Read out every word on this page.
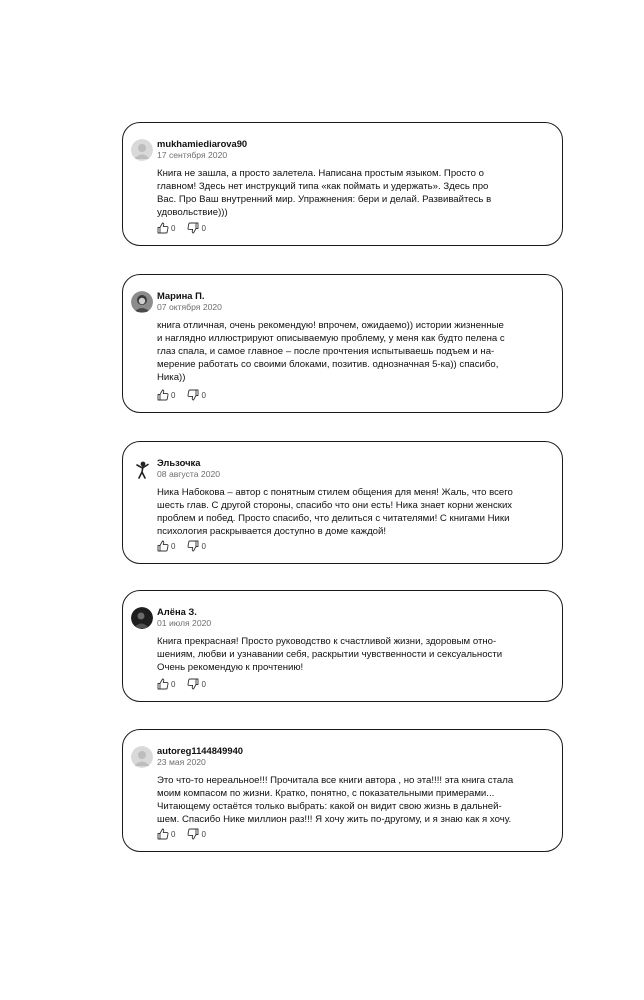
mukhamiediarova90
17 сентября 2020
Книга не зашла, а просто залетела. Написана простым языком. Просто о
главном! Здесь нет инструкций типа «как поймать и удержать». Здесь про
Вас. Про Ваш внутренний мир. Упражнения: бери и делай. Развивайтесь в
удовольствие)))
0	0
Марина П.
07 октября 2020
книга отличная, очень рекомендую! впрочем, ожидаемо)) истории жизненные
и наглядно иллюстрируют описываемую проблему, у меня как будто пелена с
глаз спала, и самое главное – после прочтения испытываешь подъем и на-
мерение работать со своими блоками, позитив. однозначная 5-ка)) спасибо,
Ника))
0	0
Эльзочка
08 августа 2020
Ника Набокова – автор с понятным стилем общения для меня! Жаль, что всего
шесть глав. С другой стороны, спасибо что они есть! Ника знает корни женских
проблем и побед. Просто спасибо, что делиться с читателями! С книгами Ники
психология раскрывается доступно в доме каждой!
0	0
Алёна З.
01 июля 2020
Книга прекрасная! Просто руководство к счастливой жизни, здоровым отно-
шениям, любви и узнавании себя, раскрытии чувственности и сексуальности
Очень рекомендую к прочтению!
0	0
autoreg1144849940
23 мая 2020
Это что-то нереальное!!! Прочитала все книги автора , но эта!!!! эта книга стала
моим компасом по жизни. Кратко, понятно, с показательными примерами...
Читающему остаётся только выбрать: какой он видит свою жизнь в дальней-
шем. Спасибо Нике миллион раз!!! Я хочу жить по-другому, и я знаю как я хочу.
0	0
